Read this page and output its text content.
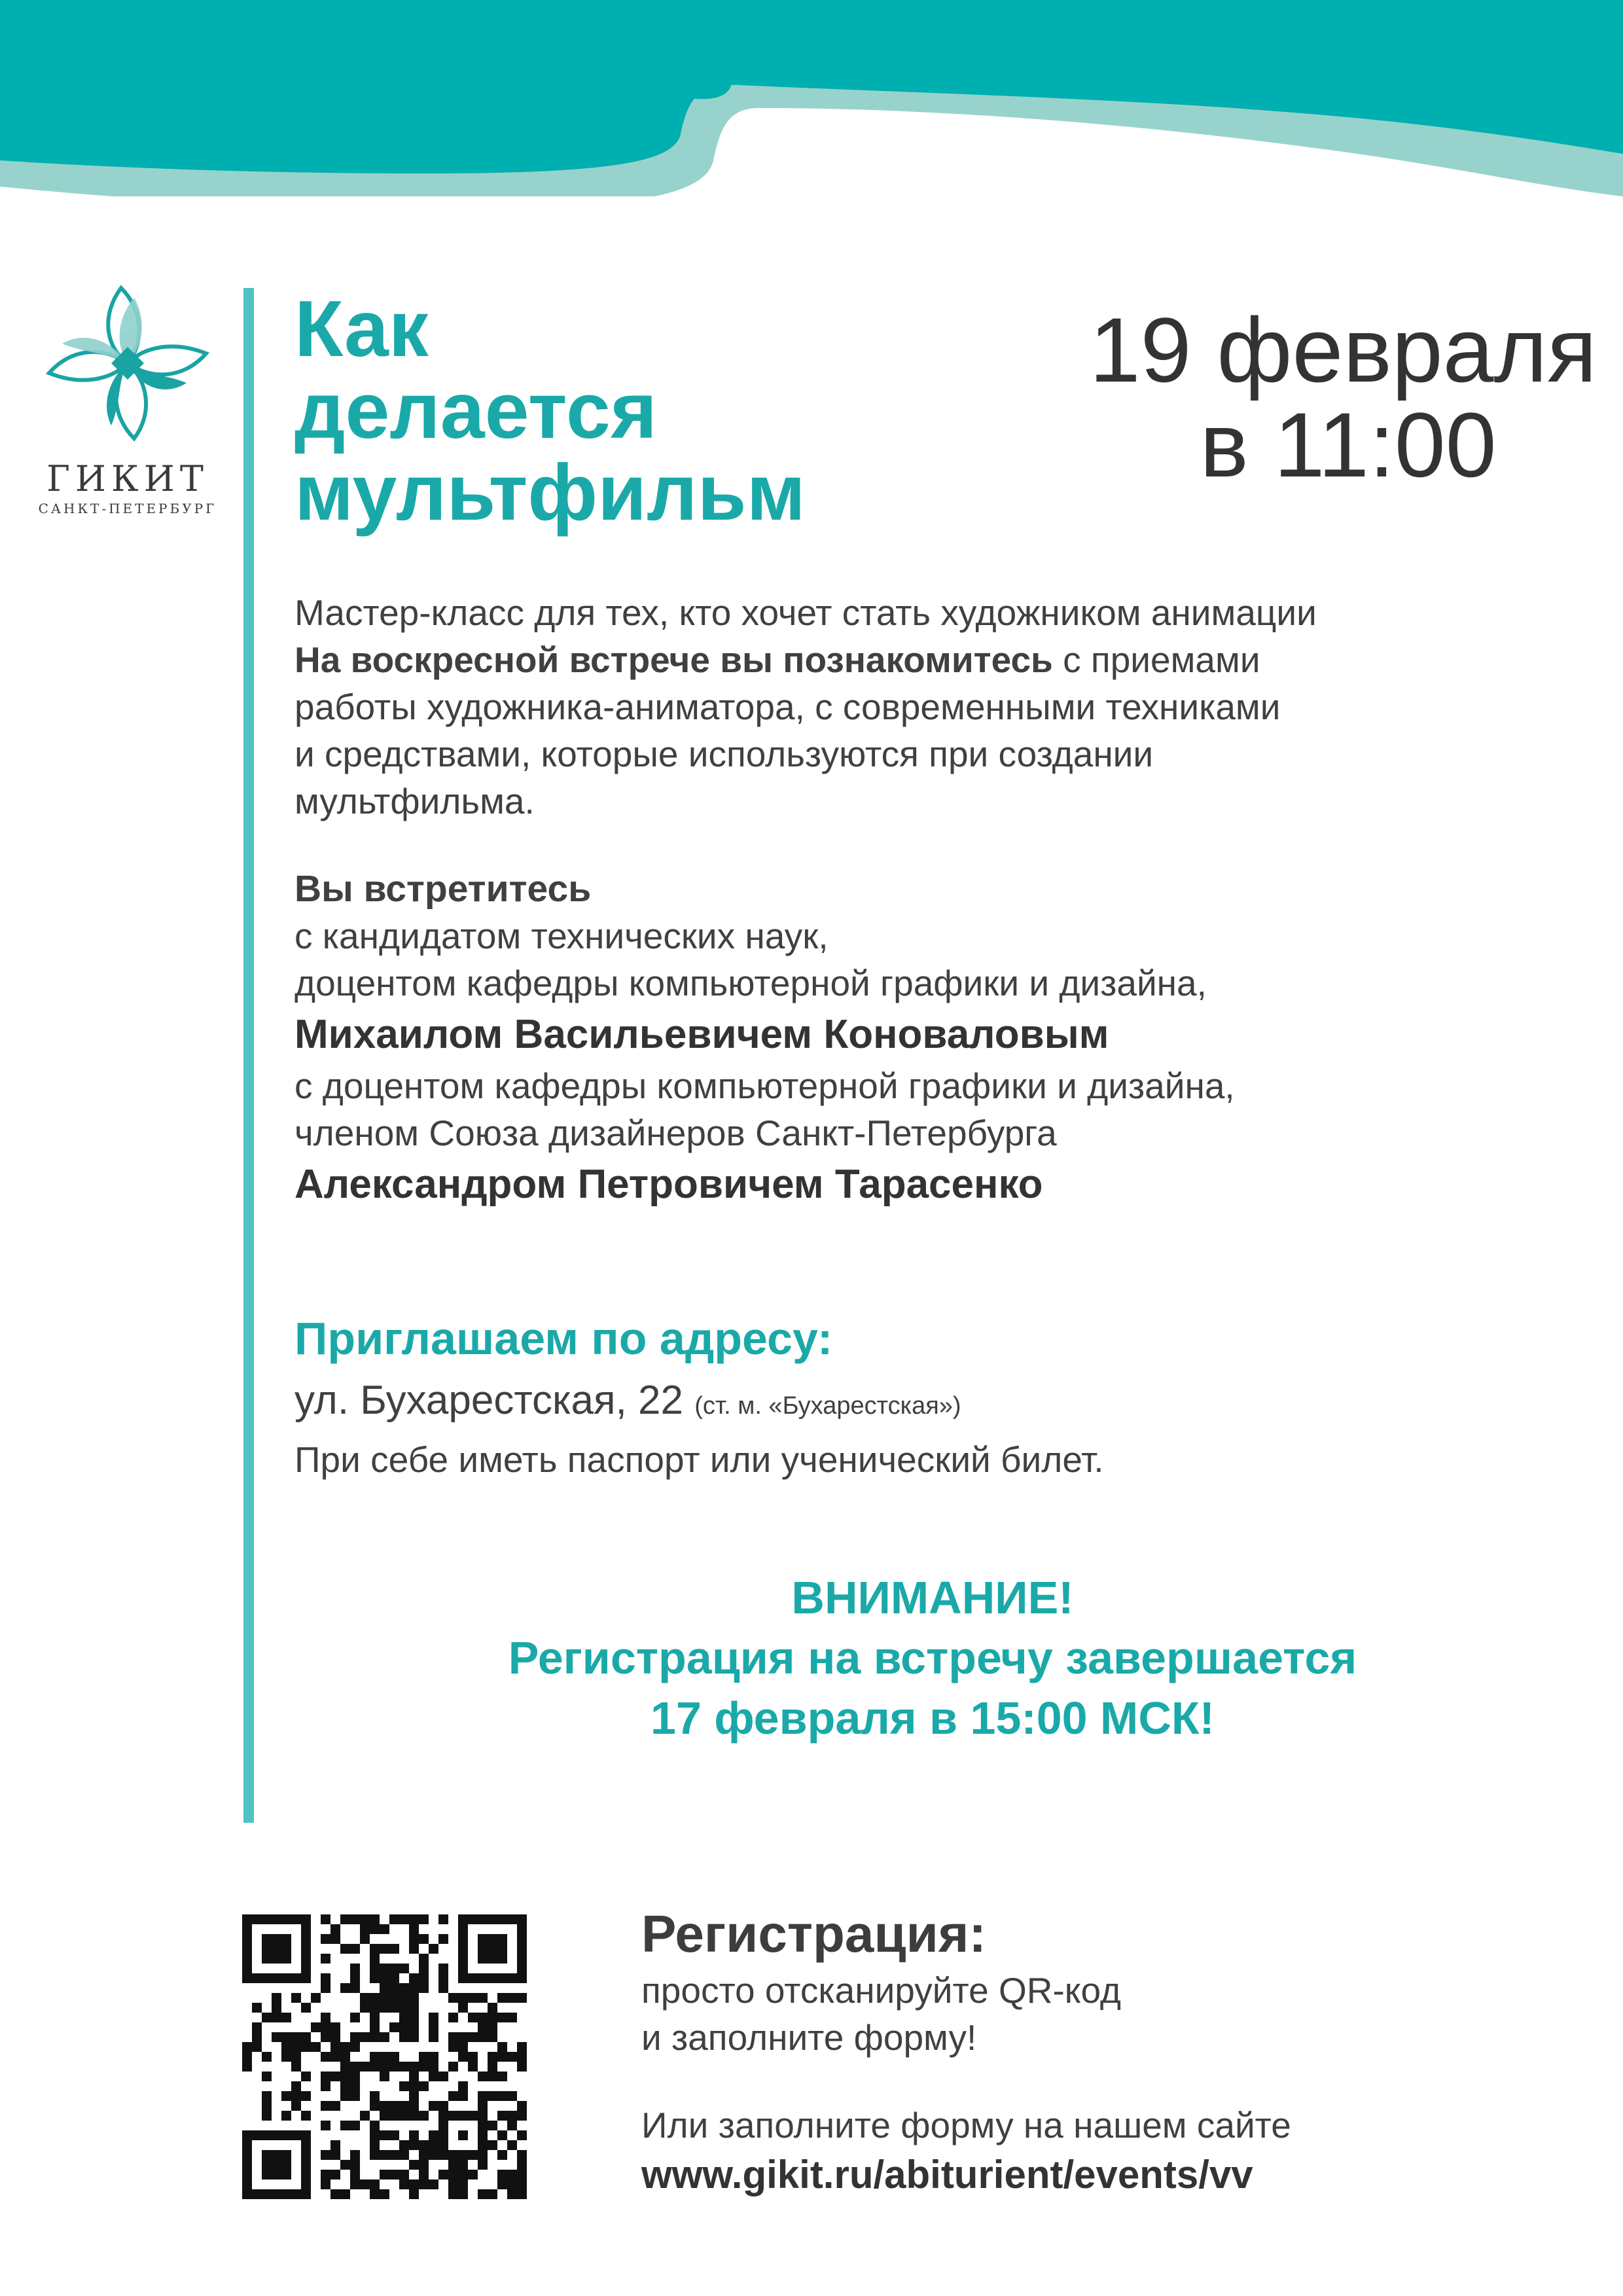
ГИКИТ
САНКТ-ПЕТЕРБУРГ
Как
делается
мультфильм
19 февраля
в 11:00

Мастер-класс для тех, кто хочет стать художником анимации

На воскресной встрече вы познакомитесь с приемами

работы художника-аниматора, с современными техниками

и средствами, которые используются при создании

мультфильма.

Вы встретитесь

с кандидатом технических наук,

доцентом кафедры компьютерной графики и дизайна,

Михаилом Васильевичем Коноваловым

с доцентом кафедры компьютерной графики и дизайна,

членом Союза дизайнеров Санкт-Петербурга

Александром Петровичем Тарасенко

Приглашаем по адресу:
ул. Бухарестская, 22 (ст. м. «Бухарестская»)
При себе иметь паспорт или ученический билет.
ВНИМАНИЕ!
Регистрация на встречу завершается
17 февраля в 15:00 МСК!
Регистрация:
просто отсканируйте QR-код
и заполните форму!
Или заполните форму на нашем сайте
www.gikit.ru/abiturient/events/vv
